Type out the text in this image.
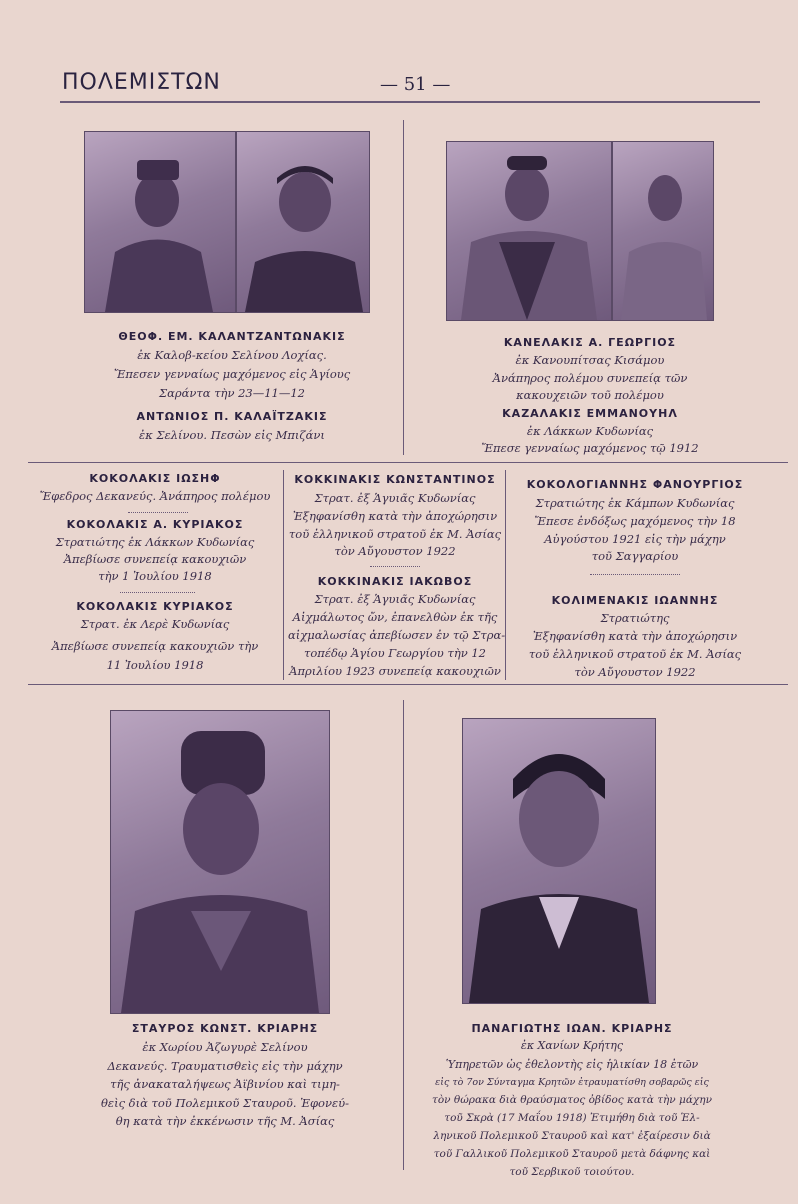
ΠΟΛΕΜΙΣΤΩΝ	— 51 —
ΘΕΟΦ. ΕΜ. ΚΑΛΑΝΤΖΑΝΤΩΝΑΚΙΣ
ἐκ Καλοβ-κείου Σελίνου Λοχίας.
Ἔπεσεν γενναίως μαχόμενος εἰς Ἁγίους
Σαράντα τὴν 23—11—12
ΑΝΤΩΝΙΟΣ Π. ΚΑΛΑΪΤΖΑΚΙΣ
ἐκ Σελίνου. Πεσὼν εἰς Μπιζάνι
ΚΑΝΕΛΑΚΙΣ Α. ΓΕΩΡΓΙΟΣ
ἐκ Κανουπίτσας Κισάμου
Ἀνάπηρος πολέμου συνεπείᾳ τῶν
κακουχειῶν τοῦ πολέμου
ΚΑΖΑΛΑΚΙΣ ΕΜΜΑΝΟΥΗΛ
ἐκ Λάκκων Κυδωνίας
Ἔπεσε γενναίως μαχόμενος τῷ 1912
ΚΟΚΟΛΑΚΙΣ ΙΩΣΗΦ
Ἔφεδρος Δεκανεύς. Ἀνάπηρος πολέμου
ΚΟΚΟΛΑΚΙΣ Α. ΚΥΡΙΑΚΟΣ
Στρατιώτης ἐκ Λάκκων Κυδωνίας
Ἀπεβίωσε συνεπείᾳ κακουχιῶν
τὴν 1 Ἰουλίου 1918
ΚΟΚΟΛΑΚΙΣ ΚΥΡΙΑΚΟΣ
Στρατ. ἐκ Λερὲ Κυδωνίας
Ἀπεβίωσε συνεπείᾳ κακουχιῶν τὴν
11 Ἰουλίου 1918
ΚΟΚΚΙΝΑΚΙΣ ΚΩΝΣΤΑΝΤΙΝΟΣ
Στρατ. ἐξ Ἁγυιᾶς Κυδωνίας
Ἐξηφανίσθη κατὰ τὴν ἀποχώρησιν
τοῦ ἑλληνικοῦ στρατοῦ ἐκ Μ. Ἀσίας
τὸν Αὔγουστον 1922
ΚΟΚΚΙΝΑΚΙΣ ΙΑΚΩΒΟΣ
Στρατ. ἐξ Ἁγυιᾶς Κυδωνίας
Αἰχμάλωτος ὤν, ἐπανελθὼν ἐκ τῆς
αἰχμαλωσίας ἀπεβίωσεν ἐν τῷ Στρα-
τοπέδῳ Ἁγίου Γεωργίου τὴν 12
Ἀπριλίου 1923 συνεπείᾳ κακουχιῶν
ΚΟΚΟΛΟΓΙΑΝΝΗΣ ΦΑΝΟΥΡΓΙΟΣ
Στρατιώτης ἐκ Κάμπων Κυδωνίας
Ἔπεσε ἐνδόξως μαχόμενος τὴν 18
Αὐγούστου 1921 εἰς τὴν μάχην
τοῦ Σαγγαρίου
ΚΟΛΙΜΕΝΑΚΙΣ ΙΩΑΝΝΗΣ
Στρατιώτης
Ἐξηφανίσθη κατὰ τὴν ἀποχώρησιν
τοῦ ἑλληνικοῦ στρατοῦ ἐκ Μ. Ἀσίας
τὸν Αὔγουστον 1922
ΣΤΑΥΡΟΣ ΚΩΝΣΤ. ΚΡΙΑΡΗΣ
ἐκ Χωρίου Ἀζωγυρὲ Σελίνου
Δεκανεύς. Τραυματισθεὶς εἰς τὴν μάχην
τῆς ἀνακαταλήψεως Ἀϊβινίου καὶ τιμη-
θεὶς διὰ τοῦ Πολεμικοῦ Σταυροῦ. Ἐφονεύ-
θη κατὰ τὴν ἐκκένωσιν τῆς Μ. Ἀσίας
ΠΑΝΑΓΙΩΤΗΣ ΙΩΑΝ. ΚΡΙΑΡΗΣ
ἐκ Χανίων Κρήτης
Ὑπηρετῶν ὡς ἐθελοντὴς εἰς ἡλικίαν 18 ἐτῶν
εἰς τὸ 7ον Σύνταγμα Κρητῶν ἐτραυματίσθη σοβαρῶς εἰς
τὸν θώρακα διὰ θραύσματος ὀβίδος κατὰ τὴν μάχην
τοῦ Σκρὰ (17 Μαΐου 1918) Ἐτιμήθη διὰ τοῦ Ἑλ-
ληνικοῦ Πολεμικοῦ Σταυροῦ καὶ κατ' ἐξαίρεσιν διὰ
τοῦ Γαλλικοῦ Πολεμικοῦ Σταυροῦ μετὰ δάφνης καὶ
τοῦ Σερβικοῦ τοιούτου.
